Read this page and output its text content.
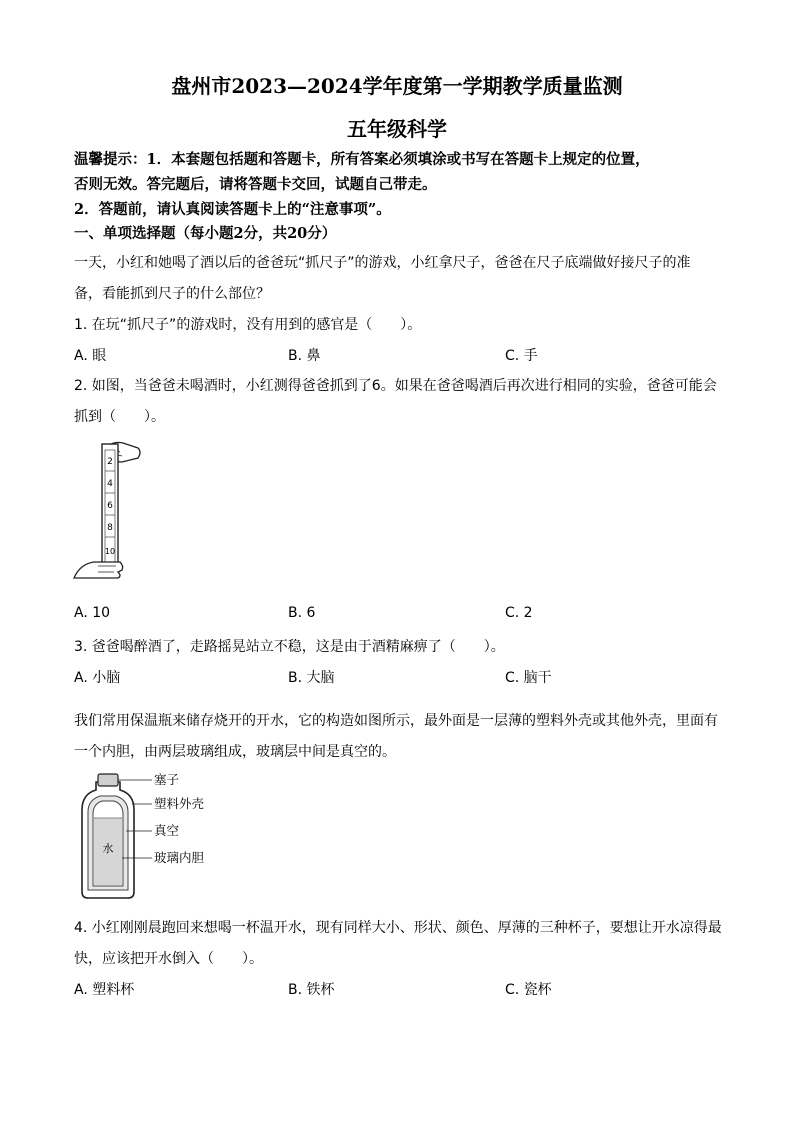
盘州市2023—2024学年度第一学期教学质量监测
五年级科学
温馨提示：1．本套题包括题和答题卡，所有答案必须填涂或书写在答题卡上规定的位置，
否则无效。答完题后，请将答题卡交回，试题自己带走。
2．答题前，请认真阅读答题卡上的“注意事项”。
一、单项选择题（每小题2分，共20分）
一天，小红和她喝了酒以后的爸爸玩“抓尺子”的游戏，小红拿尺子，爸爸在尺子底端做好接尺子的准
备，看能抓到尺子的什么部位？
1. 在玩“抓尺子”的游戏时，没有用到的感官是（　　）。
A. 眼	B. 鼻	C. 手
2. 如图，当爸爸未喝酒时，小红测得爸爸抓到了6。如果在爸爸喝酒后再次进行相同的实验，爸爸可能会
抓到（　　）。
2
4
6
8
10
A. 10	B. 6	C. 2
3. 爸爸喝醉酒了，走路摇晃站立不稳，这是由于酒精麻痹了（　　）。
A. 小脑	B. 大脑	C. 脑干
我们常用保温瓶来储存烧开的开水，它的构造如图所示，最外面是一层薄的塑料外壳或其他外壳，里面有
一个内胆，由两层玻璃组成，玻璃层中间是真空的。
水
塞子
塑料外壳
真空
玻璃内胆
4. 小红刚刚晨跑回来想喝一杯温开水，现有同样大小、形状、颜色、厚薄的三种杯子，要想让开水凉得最
快，应该把开水倒入（　　）。
A. 塑料杯	B. 铁杯	C. 瓷杯
